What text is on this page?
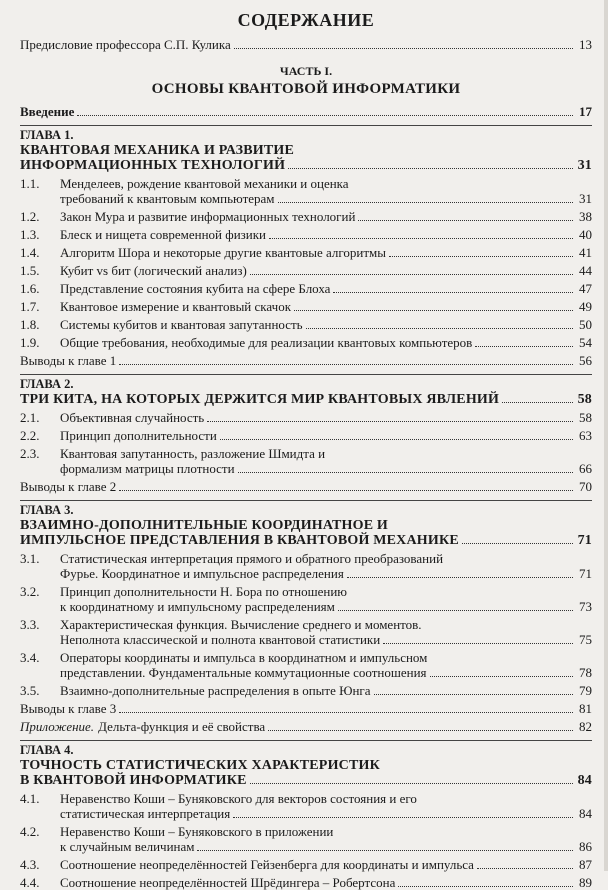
СОДЕРЖАНИЕ
Предисловие профессора С.П. Кулика	13
ЧАСТЬ I.
ОСНОВЫ КВАНТОВОЙ ИНФОРМАТИКИ
Введение	17
ГЛАВА 1.
КВАНТОВАЯ МЕХАНИКА И РАЗВИТИЕ
ИНФОРМАЦИОННЫХ ТЕХНОЛОГИЙ	31
1.1.	Менделеев, рождение квантовой механики и оценка
требований к квантовым компьютерам	31
1.2.	Закон Мура и развитие информационных технологий	38
1.3.	Блеск и нищета современной физики	40
1.4.	Алгоритм Шора и некоторые другие квантовые алгоритмы	41
1.5.	Кубит vs бит (логический анализ)	44
1.6.	Представление состояния кубита на сфере Блоха	47
1.7.	Квантовое измерение и квантовый скачок	49
1.8.	Системы кубитов и квантовая запутанность	50
1.9.	Общие требования, необходимые для реализации квантовых компьютеров	54
Выводы к главе 1	56
ГЛАВА 2.
ТРИ КИТА, НА КОТОРЫХ ДЕРЖИТСЯ МИР КВАНТОВЫХ ЯВЛЕНИЙ	58
2.1.	Объективная случайность	58
2.2.	Принцип дополнительности	63
2.3.	Квантовая запутанность, разложение Шмидта и
формализм матрицы плотности	66
Выводы к главе 2	70
ГЛАВА 3.
ВЗАИМНО-ДОПОЛНИТЕЛЬНЫЕ КООРДИНАТНОЕ И
ИМПУЛЬСНОЕ ПРЕДСТАВЛЕНИЯ В КВАНТОВОЙ МЕХАНИКЕ	71
3.1.	Статистическая интерпретация прямого и обратного преобразований
Фурье. Координатное и импульсное распределения	71
3.2.	Принцип дополнительности Н. Бора по отношению
к координатному и импульсному распределениям	73
3.3.	Характеристическая функция. Вычисление среднего и моментов.
Неполнота классической и полнота квантовой статистики	75
3.4.	Операторы координаты и импульса в координатном и импульсном
представлении. Фундаментальные коммутационные соотношения	78
3.5.	Взаимно-дополнительные распределения в опыте Юнга	79
Выводы к главе 3	81
Приложение. Дельта-функция и её свойства	82
ГЛАВА 4.
ТОЧНОСТЬ СТАТИСТИЧЕСКИХ ХАРАКТЕРИСТИК
В КВАНТОВОЙ ИНФОРМАТИКЕ	84
4.1.	Неравенство Коши – Буняковского для векторов состояния и его
статистическая интерпретация	84
4.2.	Неравенство Коши – Буняковского в приложении
к случайным величинам	86
4.3.	Соотношение неопределённостей Гейзенберга для координаты и импульса	87
4.4.	Соотношение неопределённостей Шрёдингера – Робертсона	89
